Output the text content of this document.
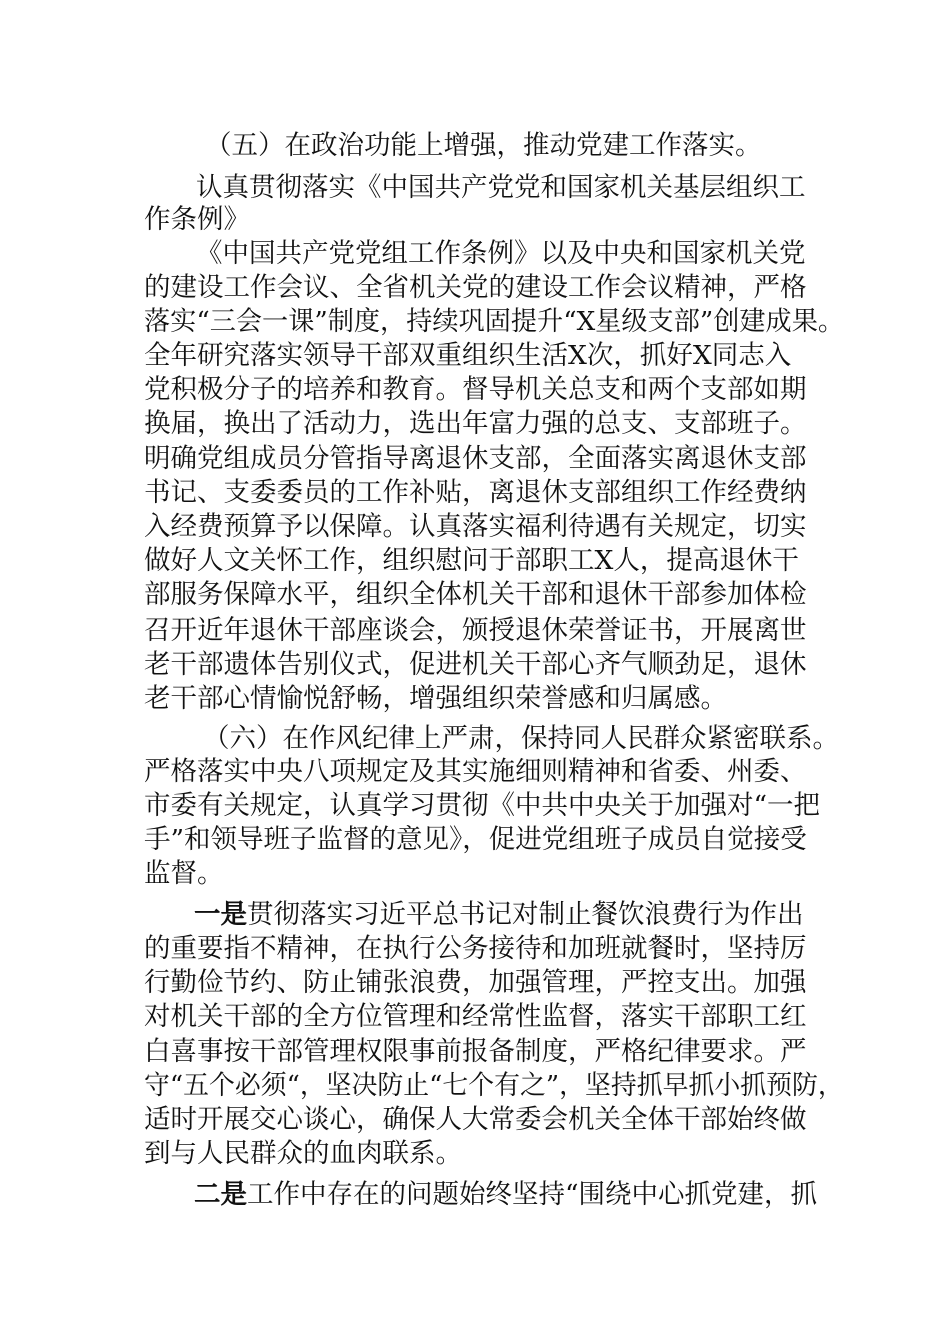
（五）在政治功能上增强，推动党建工作落实。
认真贯彻落实《中国共产党党和国家机关基层组织工
作条例》
《中国共产党党组工作条例》以及中央和国家机关党
的建设工作会议、全省机关党的建设工作会议精神，严格
落实“三会一课”制度，持续巩固提升“X星级支部”创建成果。
全年研究落实领导干部双重组织生活X次，抓好X同志入
党积极分子的培养和教育。督导机关总支和两个支部如期
换届，换出了活动力，选出年富力强的总支、支部班子。
明确党组成员分管指导离退休支部，全面落实离退休支部
书记、支委委员的工作补贴，离退休支部组织工作经费纳
入经费预算予以保障。认真落实福利待遇有关规定，切实
做好人文关怀工作，组织慰问于部职工X人，提高退休干
部服务保障水平，组织全体机关干部和退休干部参加体检
召开近年退休干部座谈会，颁授退休荣誉证书，开展离世
老干部遗体告别仪式，促进机关干部心齐气顺劲足，退休
老干部心情愉悦舒畅，增强组织荣誉感和归属感。
（六）在作风纪律上严肃，保持同人民群众紧密联系。
严格落实中央八项规定及其实施细则精神和省委、州委、
市委有关规定，认真学习贯彻《中共中央关于加强对“一把
手”和领导班子监督的意见》，促进党组班子成员自觉接受
监督。
一是贯彻落实习近平总书记对制止餐饮浪费行为作出
的重要指不精神，在执行公务接待和加班就餐时，坚持厉
行勤俭节约、防止铺张浪费，加强管理，严控支出。加强
对机关干部的全方位管理和经常性监督，落实干部职工红
白喜事按干部管理权限事前报备制度，严格纪律要求。严
守“五个必须“，坚决防止“七个有之”，坚持抓早抓小抓预防，
适时开展交心谈心，确保人大常委会机关全体干部始终做
到与人民群众的血肉联系。
二是工作中存在的问题始终坚持“围绕中心抓党建，抓
